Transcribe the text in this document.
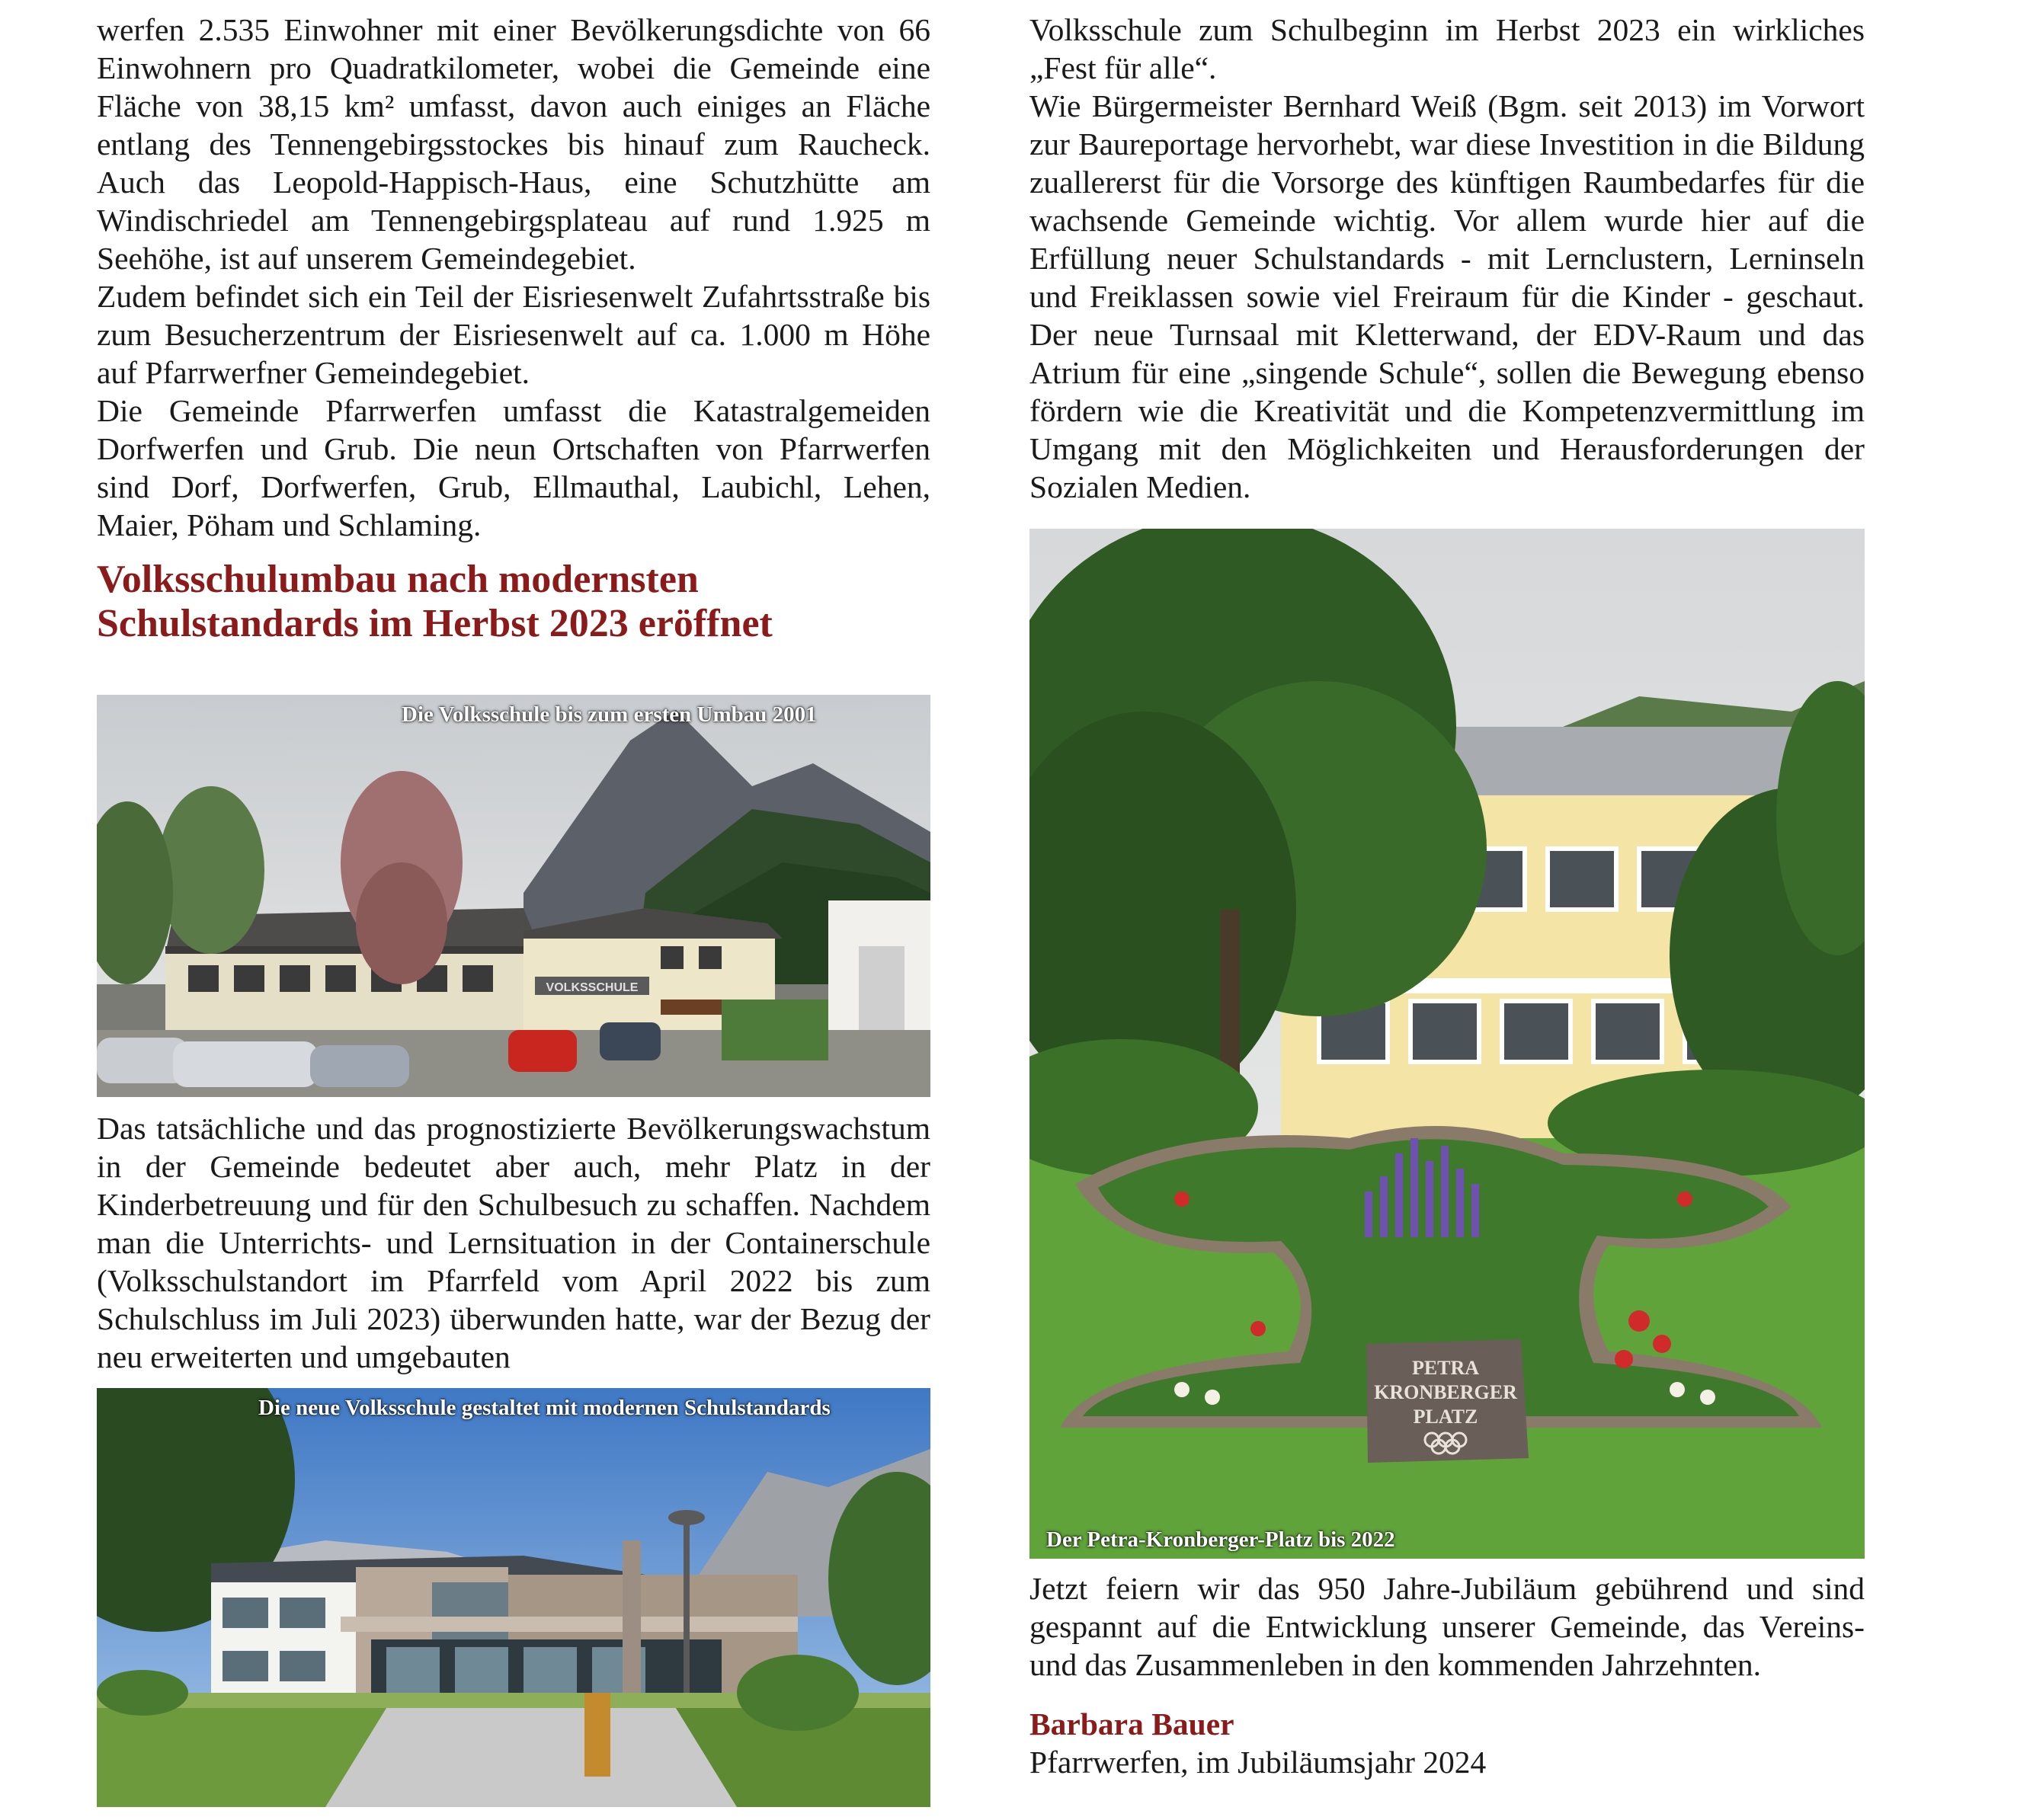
werfen 2.535 Einwohner mit einer Bevölkerungsdichte von 66 Einwohnern pro Quadratkilometer, wobei die Gemeinde eine Fläche von 38,15 km² umfasst, davon auch einiges an Fläche entlang des Tennengebirgsstockes bis hinauf zum Raucheck. Auch das Leopold-Happisch-Haus, eine Schutzhütte am Windischriedel am Tennengebirgsplateau auf rund 1.925 m Seehöhe, ist auf unserem Gemeindegebiet.

Zudem befindet sich ein Teil der Eisriesenwelt Zufahrtsstraße bis zum Besucherzentrum der Eisriesenwelt auf ca. 1.000 m Höhe auf Pfarrwerfner Gemeindegebiet.

Die Gemeinde Pfarrwerfen umfasst die Katastralgemeiden Dorfwerfen und Grub. Die neun Ortschaften von Pfarrwerfen sind Dorf, Dorfwerfen, Grub, Ellmauthal, Laubichl, Lehen, Maier, Pöham und Schlaming.

Volksschulumbau nach modernsten
Schulstandards im Herbst 2023 eröffnet
VOLKSSCHULE
Die Volksschule bis zum ersten Umbau 2001

Das tatsächliche und das prognostizierte Bevölkerungswachstum in der Gemeinde bedeutet aber auch, mehr Platz in der Kinderbetreuung und für den Schulbesuch zu schaffen. Nachdem man die Unterrichts- und Lernsituation in der Containerschule (Volksschulstandort im Pfarrfeld vom April 2022 bis zum Schulschluss im Juli 2023) überwunden hatte, war der Bezug der neu erweiterten und umgebauten

Die neue Volksschule gestaltet mit modernen Schulstandards

Volksschule zum Schulbeginn im Herbst 2023 ein wirkliches „Fest für alle“.

Wie Bürgermeister Bernhard Weiß (Bgm. seit 2013) im Vorwort zur Baureportage hervorhebt, war diese Investition in die Bildung zuallererst für die Vorsorge des künftigen Raumbedarfes für die wachsende Gemeinde wichtig. Vor allem wurde hier auf die Erfüllung neuer Schulstandards - mit Lernclustern, Lerninseln und Freiklassen sowie viel Freiraum für die Kinder - geschaut. Der neue Turnsaal mit Kletterwand, der EDV-Raum und das Atrium für eine „singende Schule“, sollen die Bewegung ebenso fördern wie die Kreativität und die Kompetenzvermittlung im Umgang mit den Möglichkeiten und Herausforderungen der Sozialen Medien.

PETRA
KRONBERGER
PLATZ
Der Petra-Kronberger-Platz bis 2022

Jetzt feiern wir das 950 Jahre-Jubiläum gebührend und sind gespannt auf die Entwicklung unserer Gemeinde, das Vereins- und das Zusammenleben in den kommenden Jahrzehnten.

Barbara Bauer

Pfarrwerfen, im Jubiläumsjahr 2024
